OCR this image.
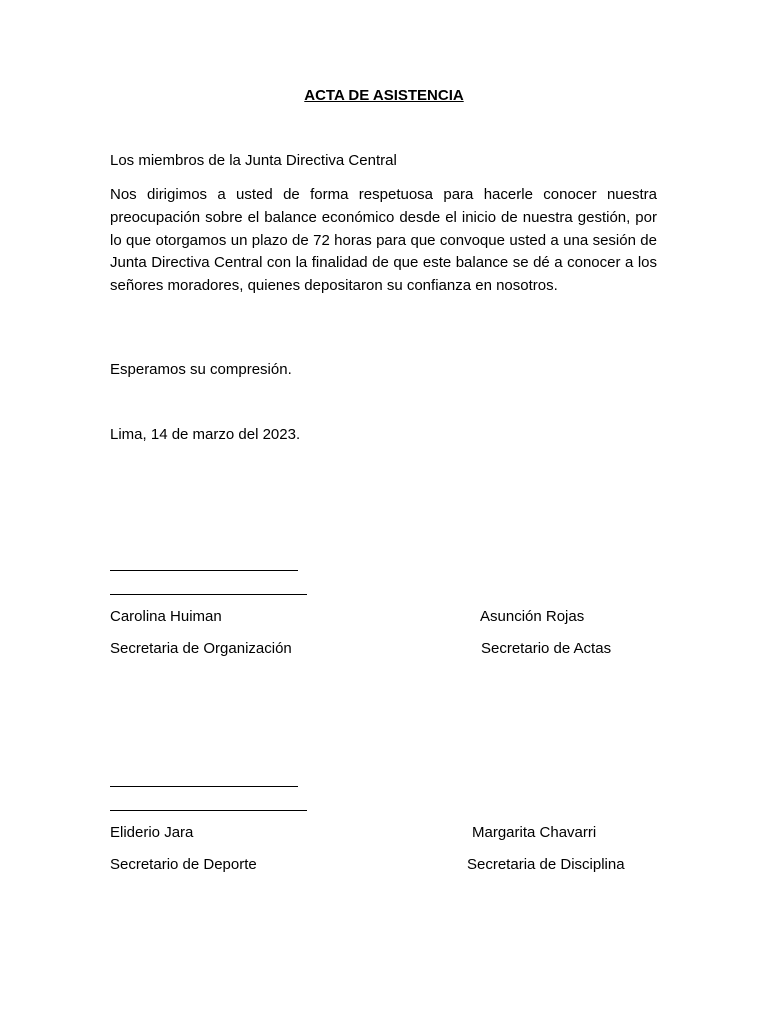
ACTA DE ASISTENCIA
Los miembros de la Junta Directiva Central
Nos dirigimos a usted de forma respetuosa para hacerle conocer nuestra preocupación sobre el balance económico desde el inicio de nuestra gestión, por lo que otorgamos un plazo de 72 horas para que convoque usted a una sesión de Junta Directiva Central con la finalidad de que este balance se dé a conocer a los señores moradores, quienes depositaron su confianza en nosotros.
Esperamos su compresión.
Lima, 14 de marzo del 2023.
Carolina Huiman	Asunción Rojas
Secretaria de Organización	Secretario de Actas
Eliderio Jara	Margarita Chavarri
Secretario de Deporte	Secretaria de Disciplina
